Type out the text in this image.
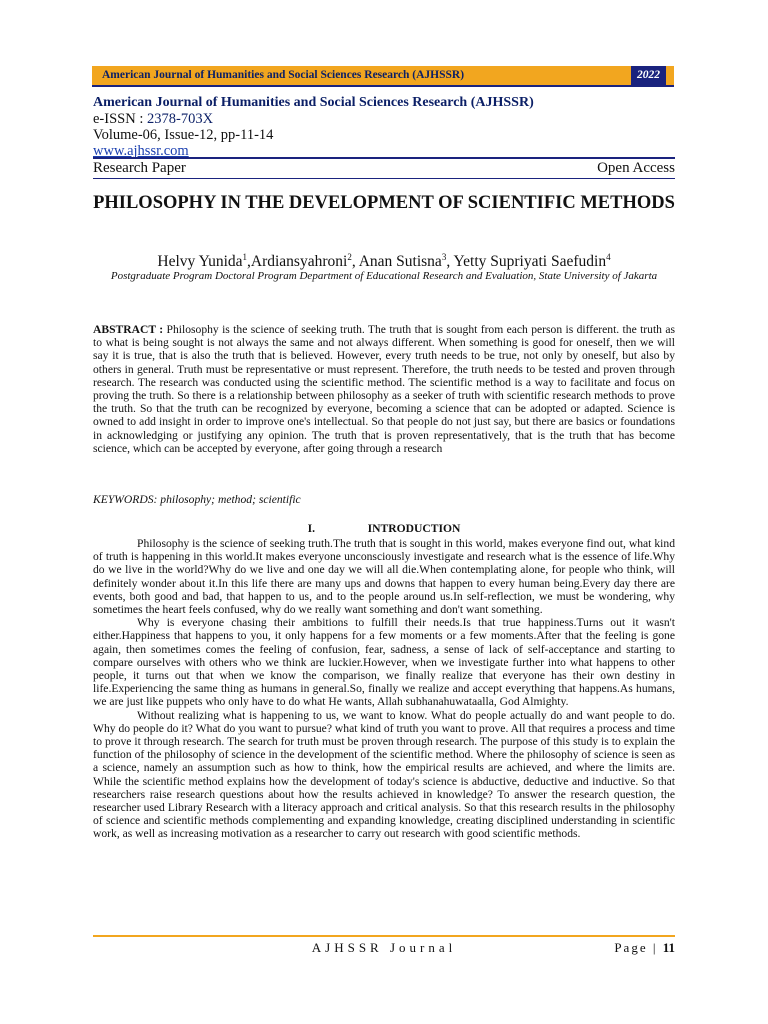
American Journal of Humanities and Social Sciences Research (AJHSSR)	2022
American Journal of Humanities and Social Sciences Research (AJHSSR)
e-ISSN : 2378-703X
Volume-06, Issue-12, pp-11-14
www.ajhssr.com
Research Paper	Open Access
PHILOSOPHY IN THE DEVELOPMENT OF SCIENTIFIC METHODS
Helvy Yunida$^1$,Ardiansyahroni$^2$, Anan Sutisna$^3$, Yetty Supriyati Saefudin$^4$
Postgraduate Program Doctoral Program Department of Educational Research and Evaluation, State University of Jakarta
ABSTRACT : Philosophy is the science of seeking truth. The truth that is sought from each person is different. the truth as to what is being sought is not always the same and not always different. When something is good for oneself, then we will say it is true, that is also the truth that is believed. However, every truth needs to be true, not only by oneself, but also by others in general. Truth must be representative or must represent. Therefore, the truth needs to be tested and proven through research. The research was conducted using the scientific method. The scientific method is a way to facilitate and focus on proving the truth. So there is a relationship between philosophy as a seeker of truth with scientific research methods to prove the truth. So that the truth can be recognized by everyone, becoming a science that can be adopted or adapted. Science is owned to add insight in order to improve one's intellectual. So that people do not just say, but there are basics or foundations in acknowledging or justifying any opinion. The truth that is proven representatively, that is the truth that has become science, which can be accepted by everyone, after going through a research
KEYWORDS: philosophy; method; scientific
I.	INTRODUCTION

Philosophy is the science of seeking truth.The truth that is sought in this world, makes everyone find out, what kind of truth is happening in this world.It makes everyone unconsciously investigate and research what is the essence of life.Why do we live in the world?Why do we live and one day we will all die.When contemplating alone, for people who think, will definitely wonder about it.In this life there are many ups and downs that happen to every human being.Every day there are events, both good and bad, that happen to us, and to the people around us.In self-reflection, we must be wondering, why sometimes the heart feels confused, why do we really want something and don't want something.

Why is everyone chasing their ambitions to fulfill their needs.Is that true happiness.Turns out it wasn't either.Happiness that happens to you, it only happens for a few moments or a few moments.After that the feeling is gone again, then sometimes comes the feeling of confusion, fear, sadness, a sense of lack of self-acceptance and starting to compare ourselves with others who we think are luckier.However, when we investigate further into what happens to other people, it turns out that when we know the comparison, we finally realize that everyone has their own destiny in life.Experiencing the same thing as humans in general.So, finally we realize and accept everything that happens.As humans, we are just like puppets who only have to do what He wants, Allah subhanahuwataalla, God Almighty.

Without realizing what is happening to us, we want to know. What do people actually do and want people to do. Why do people do it? What do you want to pursue? what kind of truth you want to prove. All that requires a process and time to prove it through research. The search for truth must be proven through research. The purpose of this study is to explain the function of the philosophy of science in the development of the scientific method. Where the philosophy of science is seen as a science, namely an assumption such as how to think, how the empirical results are achieved, and where the limits are. While the scientific method explains how the development of today's science is abductive, deductive and inductive. So that researchers raise research questions about how the results achieved in knowledge? To answer the research question, the researcher used Library Research with a literacy approach and critical analysis. So that this research results in the philosophy of science and scientific methods complementing and expanding knowledge, creating disciplined understanding in scientific work, as well as increasing motivation as a researcher to carry out research with good scientific methods.

AJHSSR Journal	Page | 11
